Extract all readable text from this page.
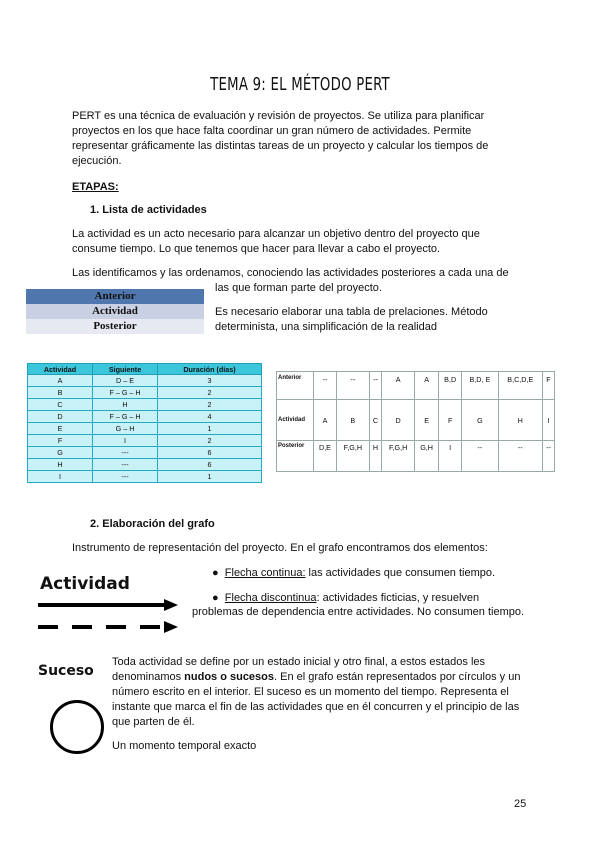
TEMA 9: EL MÉTODO PERT
PERT es una técnica de evaluación y revisión de proyectos. Se utiliza para planificar
proyectos en los que hace falta coordinar un gran número de actividades. Permite
representar gráficamente las distintas tareas de un proyecto y calcular los tiempos de
ejecución.
ETAPAS:
1. Lista de actividades
La actividad es un acto necesario para alcanzar un objetivo dentro del proyecto que
consume tiempo. Lo que tenemos que hacer para llevar a cabo el proyecto.
Las identificamos y las ordenamos, conociendo las actividades posteriores a cada una de
las que forman parte del proyecto.
Anterior
Actividad
Posterior
Es necesario elaborar una tabla de prelaciones. Método
determinista, una simplificación de la realidad
Actividad	Siguiente	Duración (días)
A	D – E	3
B	F – G – H	2
C	H	2
D	F – G – H	4
E	G – H	1
F	I	2
G	---	6
H	---	6
I	---	1
Anterior	--	--	--	A	A	B,D	B,D, E	B,C,D,E	F
Actividad	A	B	C	D	E	F	G	H	I
Posterior	D,E	F,G,H	H	F,G,H	G,H	I	--	--	--
2. Elaboración del grafo
Instrumento de representación del proyecto. En el grafo encontramos dos elementos:
Actividad
● Flecha continua: las actividades que consumen tiempo.
● Flecha discontinua: actividades ficticias, y resuelven
problemas de dependencia entre actividades. No consumen tiempo.
Suceso
Toda actividad se define por un estado inicial y otro final, a estos estados les
denominamos nudos o sucesos. En el grafo están representados por círculos y un
número escrito en el interior. El suceso es un momento del tiempo. Representa el
instante que marca el fin de las actividades que en él concurren y el principio de las
que parten de él.
Un momento temporal exacto
25
